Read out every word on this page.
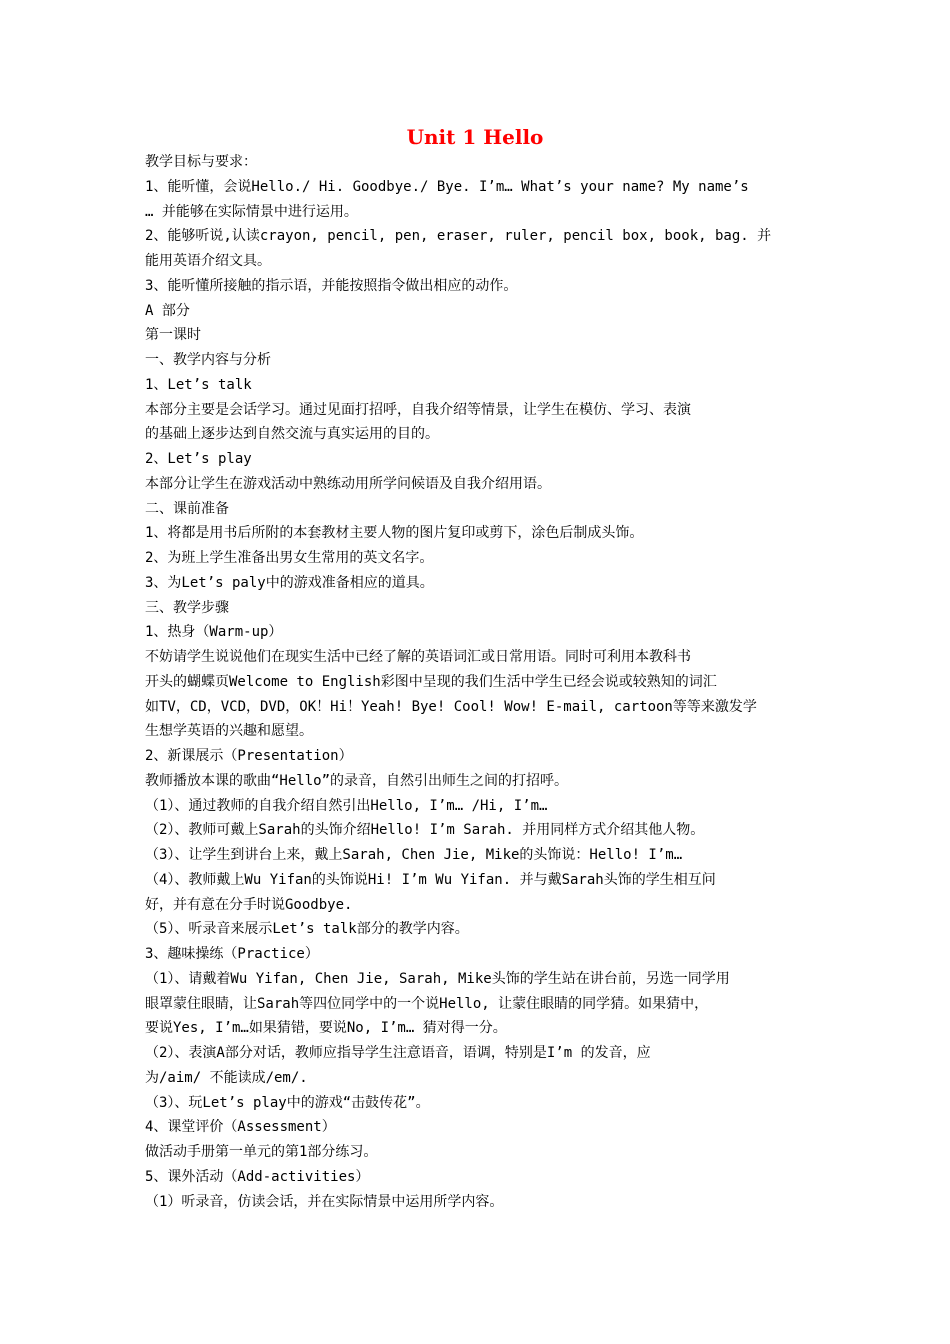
Unit 1 Hello
教学目标与要求：
1、能听懂，会说Hello./ Hi. Goodbye./ Bye. I’m… What’s your name? My name’s
… 并能够在实际情景中进行运用。
2、能够听说,认读crayon, pencil, pen, eraser, ruler, pencil box, book, bag. 并
能用英语介绍文具。
3、能听懂所接触的指示语，并能按照指令做出相应的动作。
A 部分
第一课时
一、教学内容与分析
1、Let’s talk
本部分主要是会话学习。通过见面打招呼，自我介绍等情景，让学生在模仿、学习、表演
的基础上逐步达到自然交流与真实运用的目的。
2、Let’s play
本部分让学生在游戏活动中熟练动用所学问候语及自我介绍用语。
二、课前准备
1、将都是用书后所附的本套教材主要人物的图片复印或剪下，涂色后制成头饰。
2、为班上学生准备出男女生常用的英文名字。
3、为Let’s paly中的游戏准备相应的道具。
三、教学步骤
1、热身（Warm-up）
不妨请学生说说他们在现实生活中已经了解的英语词汇或日常用语。同时可利用本教科书
开头的蝴蝶页Welcome to English彩图中呈现的我们生活中学生已经会说或较熟知的词汇
如TV，CD，VCD，DVD，OK！Hi！Yeah! Bye! Cool! Wow! E-mail, cartoon等等来激发学
生想学英语的兴趣和愿望。
2、新课展示（Presentation）
教师播放本课的歌曲“Hello”的录音，自然引出师生之间的打招呼。
（1）、通过教师的自我介绍自然引出Hello, I’m… /Hi, I’m…
（2）、教师可戴上Sarah的头饰介绍Hello! I’m Sarah. 并用同样方式介绍其他人物。
（3）、让学生到讲台上来，戴上Sarah, Chen Jie, Mike的头饰说：Hello! I’m…
（4）、教师戴上Wu Yifan的头饰说Hi! I’m Wu Yifan. 并与戴Sarah头饰的学生相互问
好，并有意在分手时说Goodbye.
（5）、听录音来展示Let’s talk部分的教学内容。
3、趣味操练（Practice）
（1）、请戴着Wu Yifan, Chen Jie, Sarah, Mike头饰的学生站在讲台前，另选一同学用
眼罩蒙住眼睛，让Sarah等四位同学中的一个说Hello, 让蒙住眼睛的同学猜。如果猜中，
要说Yes, I’m…如果猜错，要说No, I’m… 猜对得一分。
（2）、表演A部分对话，教师应指导学生注意语音，语调，特别是I’m 的发音，应
为/aim/ 不能读成/em/.
（3）、玩Let’s play中的游戏“击鼓传花”。
4、课堂评价（Assessment）
做活动手册第一单元的第1部分练习。
5、课外活动（Add-activities）
（1）听录音，仿读会话，并在实际情景中运用所学内容。
